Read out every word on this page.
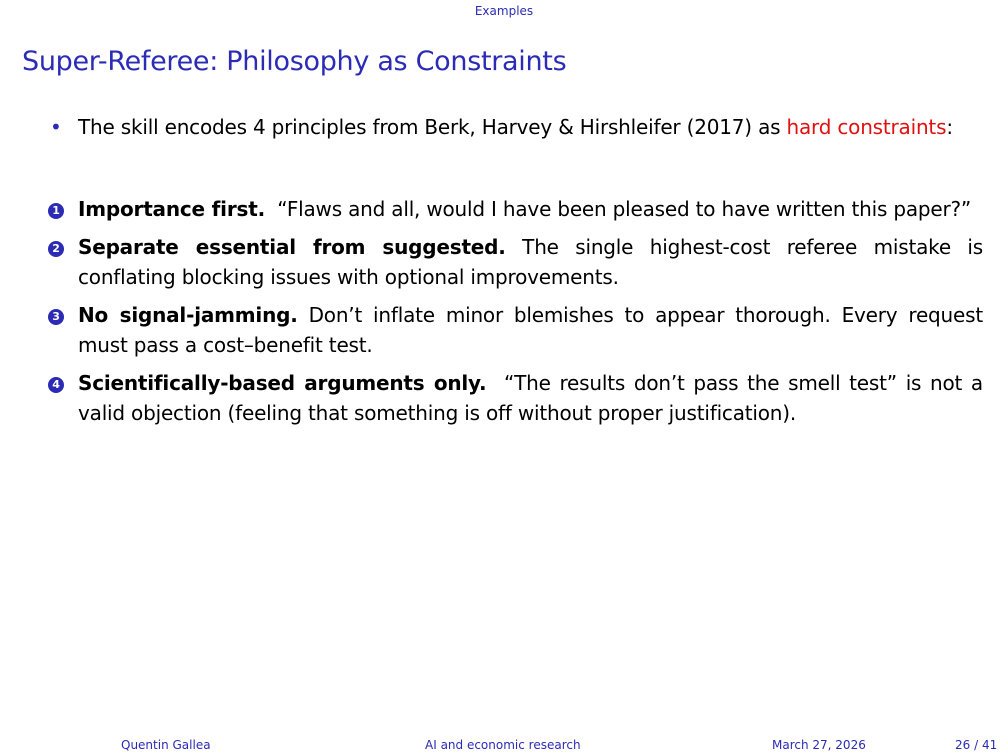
Examples
Super-Referee: Philosophy as Constraints
• The skill encodes 4 principles from Berk, Harvey & Hirshleifer (2017) as hard constraints:
1 Importance first. “Flaws and all, would I have been pleased to have written this paper?”
2 Separate essential from suggested. The single highest-cost referee mistake is conflating blocking issues with optional improvements.
3 No signal-jamming. Don’t inflate minor blemishes to appear thorough. Every request must pass a cost–benefit test.
4 Scientifically-based arguments only. “The results don’t pass the smell test” is not a valid objection (feeling that something is off without proper justification).
Quentin Gallea	AI and economic research	March 27, 2026	26 / 41
